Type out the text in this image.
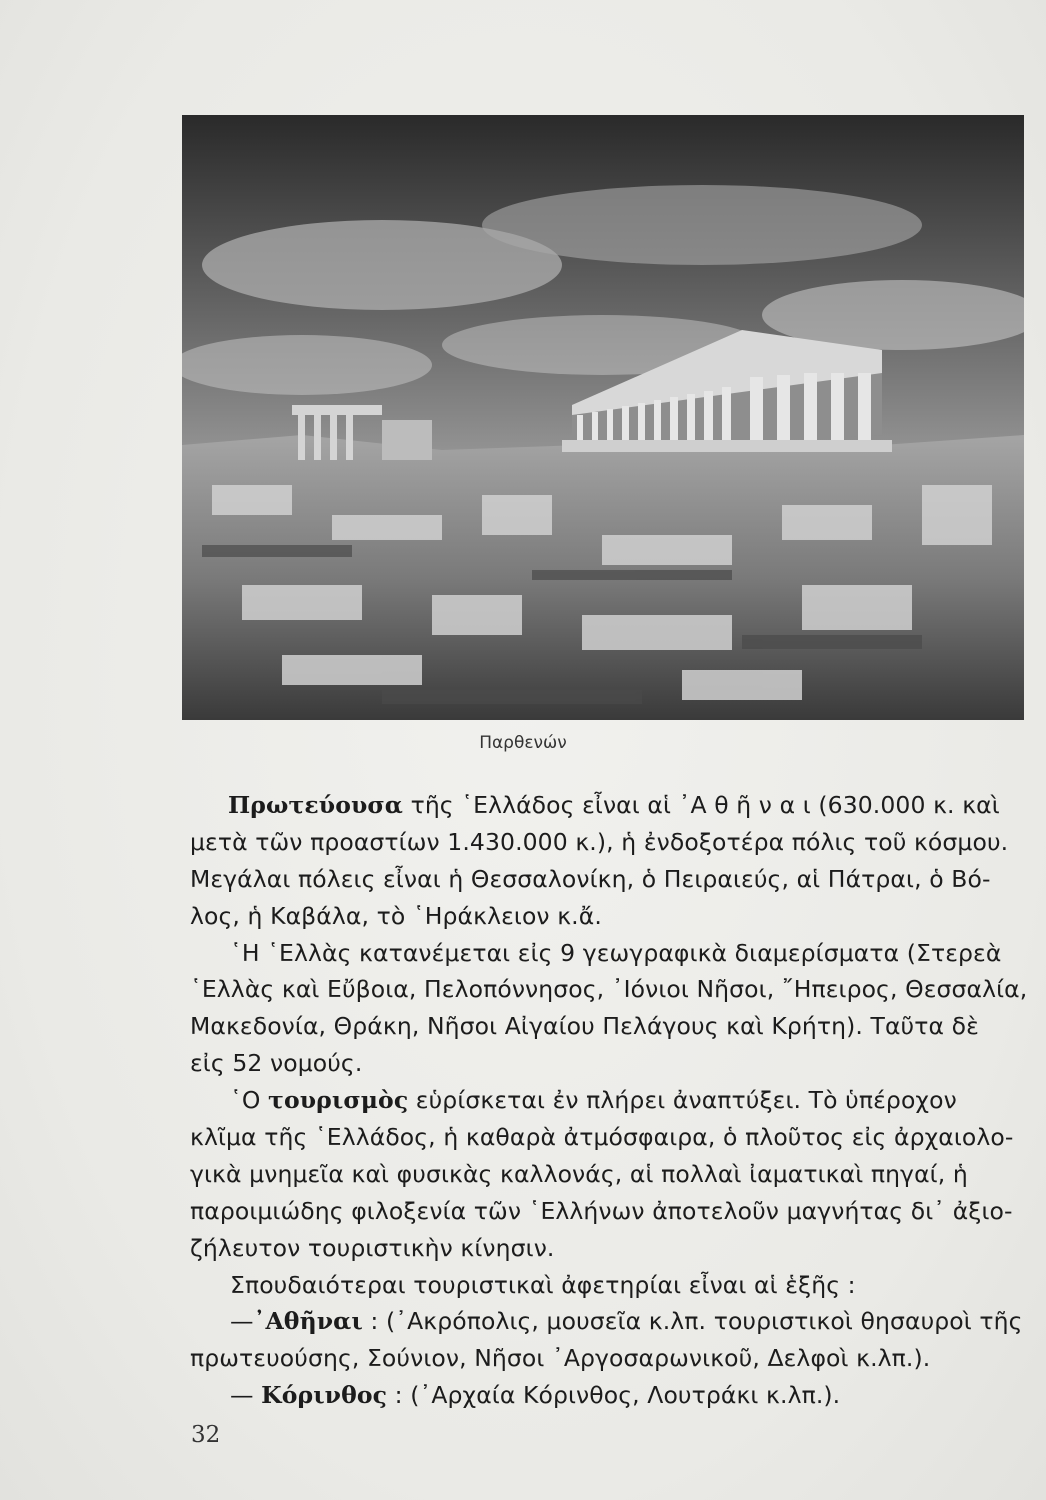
Παρθενών
Πρωτεύουσα τῆς ῾Ελλάδος εἶναι αἱ ᾿Α θ ῆ ν α ι (630.000 κ. καὶ
μετὰ τῶν προαστίων 1.430.000 κ.), ἡ ἐνδοξοτέρα πόλις τοῦ κόσμου.
Μεγάλαι πόλεις εἶναι ἡ Θεσσαλονίκη, ὁ Πειραιεύς, αἱ Πάτραι, ὁ Βό-
λος, ἡ Καβάλα, τὸ ῾Ηράκλειον κ.ἄ.
῾Η ῾Ελλὰς κατανέμεται εἰς 9 γεωγραφικὰ διαμερίσματα (Στερεὰ
῾Ελλὰς καὶ Εὔβοια, Πελοπόννησος, ᾿Ιόνιοι Νῆσοι, ῎Ηπειρος, Θεσσαλία,
Μακεδονία, Θράκη, Νῆσοι Αἰγαίου Πελάγους καὶ Κρήτη). Ταῦτα δὲ
εἰς 52 νομούς.
῾Ο τουρισμὸς εὑρίσκεται ἐν πλήρει ἀναπτύξει. Τὸ ὑπέροχον
κλῖμα τῆς ῾Ελλάδος, ἡ καθαρὰ ἀτμόσφαιρα, ὁ πλοῦτος εἰς ἀρχαιολο-
γικὰ μνημεῖα καὶ φυσικὰς καλλονάς, αἱ πολλαὶ ἰαματικαὶ πηγαί, ἡ
παροιμιώδης φιλοξενία τῶν ῾Ελλήνων ἀποτελοῦν μαγνήτας δι᾿ ἀξιο-
ζήλευτον τουριστικὴν κίνησιν.
Σπουδαιότεραι τουριστικαὶ ἀφετηρίαι εἶναι αἱ ἑξῆς :
—᾿Αθῆναι : (᾿Ακρόπολις, μουσεῖα κ.λπ. τουριστικοὶ θησαυροὶ τῆς
πρωτευούσης, Σούνιον, Νῆσοι ᾿Αργοσαρωνικοῦ, Δελφοὶ κ.λπ.).
— Κόρινθος : (᾿Αρχαία Κόρινθος, Λουτράκι κ.λπ.).
32
